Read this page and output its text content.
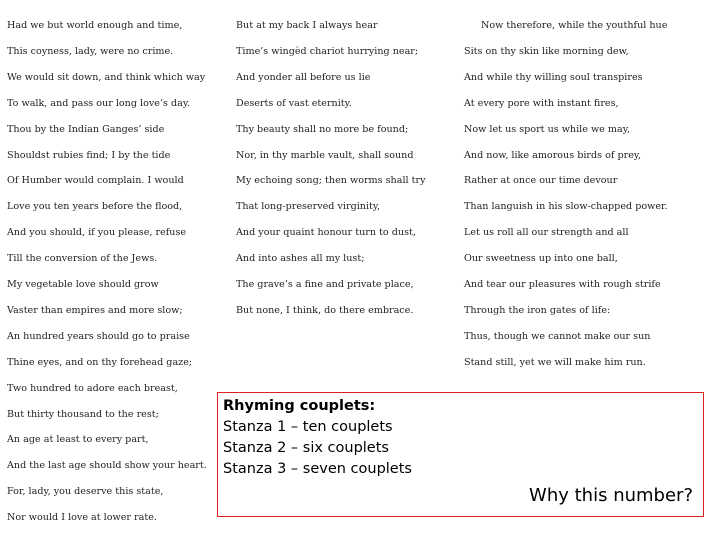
Had we but world enough and time,
This coyness, lady, were no crime.
We would sit down, and think which way
To walk, and pass our long love’s day.
Thou by the Indian Ganges’ side
Shouldst rubies find; I by the tide
Of Humber would complain. I would
Love you ten years before the flood,
And you should, if you please, refuse
Till the conversion of the Jews.
My vegetable love should grow
Vaster than empires and more slow;
An hundred years should go to praise
Thine eyes, and on thy forehead gaze;
Two hundred to adore each breast,
But thirty thousand to the rest;
An age at least to every part,
And the last age should show your heart.
For, lady, you deserve this state,
Nor would I love at lower rate.
But at my back I always hear
Time’s wingèd chariot hurrying near;
And yonder all before us lie
Deserts of vast eternity.
Thy beauty shall no more be found;
Nor, in thy marble vault, shall sound
My echoing song; then worms shall try
That long-preserved virginity,
And your quaint honour turn to dust,
And into ashes all my lust;
The grave’s a fine and private place,
But none, I think, do there embrace.
Now therefore, while the youthful hue
Sits on thy skin like morning dew,
And while thy willing soul transpires
At every pore with instant fires,
Now let us sport us while we may,
And now, like amorous birds of prey,
Rather at once our time devour
Than languish in his slow-chapped power.
Let us roll all our strength and all
Our sweetness up into one ball,
And tear our pleasures with rough strife
Through the iron gates of life:
Thus, though we cannot make our sun
Stand still, yet we will make him run.
Rhyming couplets:
Stanza 1 – ten couplets
Stanza 2 – six couplets
Stanza 3 – seven couplets
Why this number?
